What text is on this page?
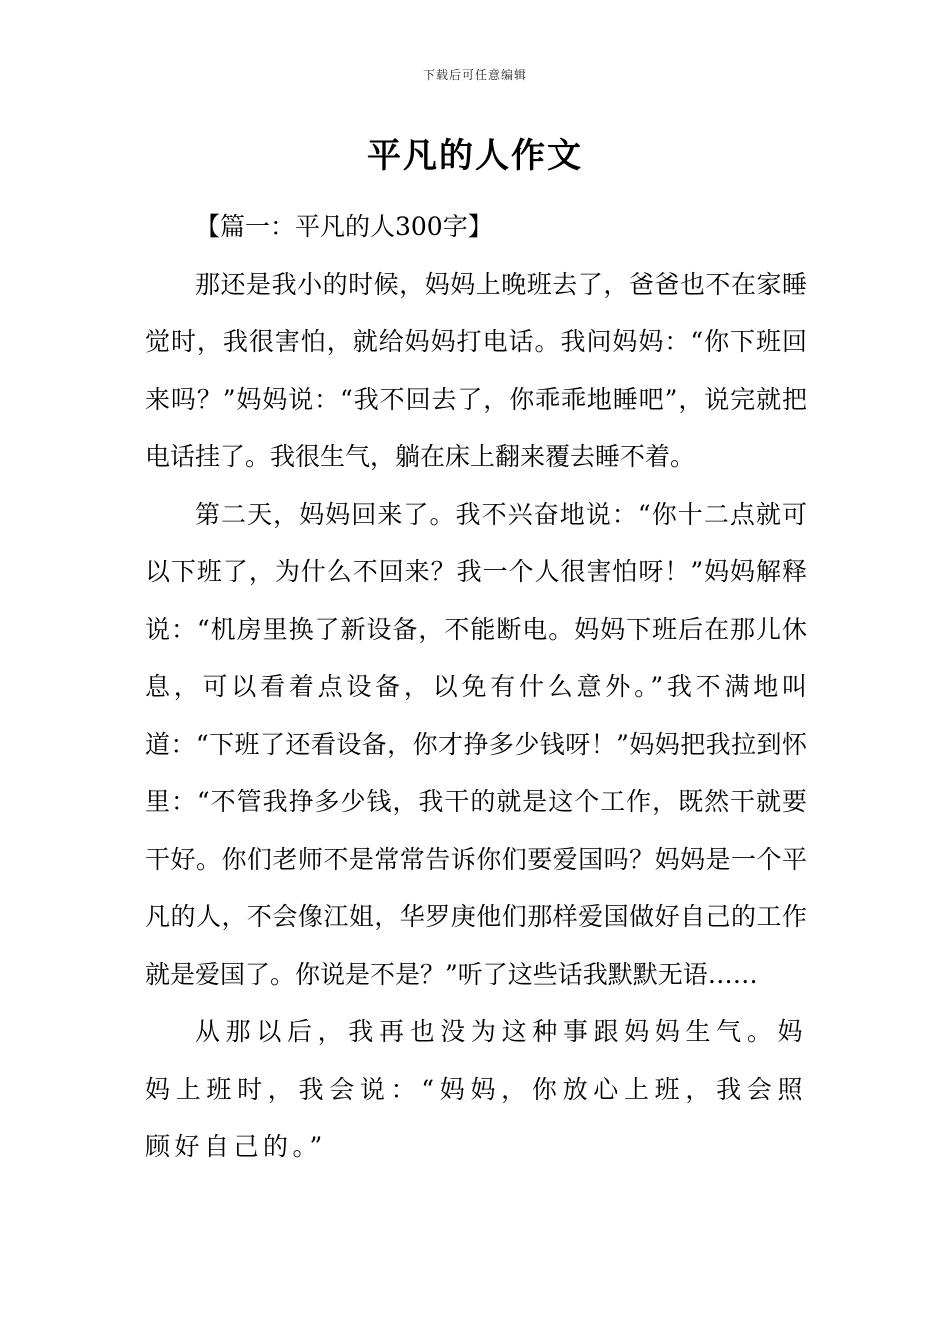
下载后可任意编辑
平凡的人作文

【篇一：平凡的人300字】

那还是我小的时候，妈妈上晚班去了，爸爸也不在家睡觉时，我很害怕，就给妈妈打电话。我问妈妈：“你下班回来吗？”妈妈说：“我不回去了，你乖乖地睡吧”，说完就把电话挂了。我很生气，躺在床上翻来覆去睡不着。

第二天，妈妈回来了。我不兴奋地说：“你十二点就可以下班了，为什么不回来？我一个人很害怕呀！”妈妈解释说：“机房里换了新设备，不能断电。妈妈下班后在那儿休息，可以看着点设备，以免有什么意外。”我不满地叫道：“下班了还看设备，你才挣多少钱呀！”妈妈把我拉到怀里：“不管我挣多少钱，我干的就是这个工作，既然干就要干好。你们老师不是常常告诉你们要爱国吗？妈妈是一个平凡的人，不会像江姐，华罗庚他们那样爱国做好自己的工作就是爱国了。你说是不是？”听了这些话我默默无语……

从那以后，我再也没为这种事跟妈妈生气。妈妈上班时，我会说：“妈妈，你放心上班，我会照顾好自己的。”
